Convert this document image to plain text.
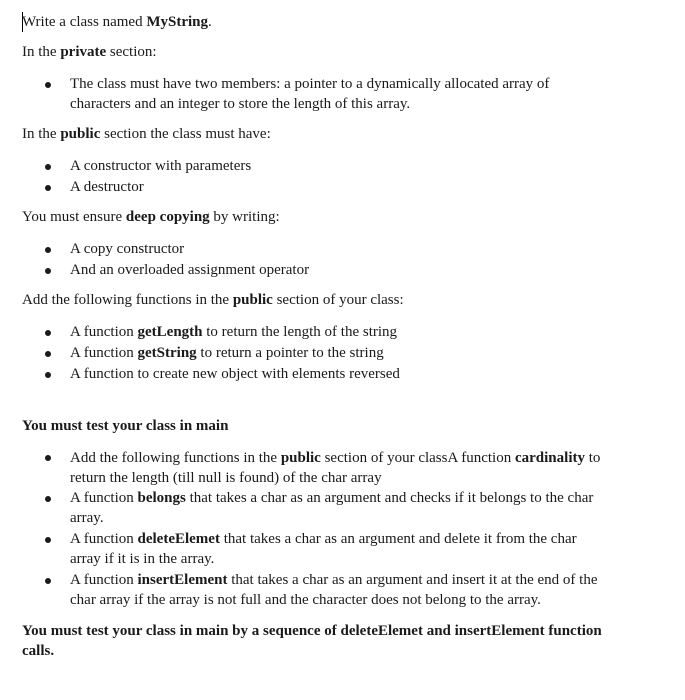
Write a class named MyString.
In the private section:
The class must have two members: a pointer to a dynamically allocated array of
characters and an integer to store the length of this array.
In the public section the class must have:
A constructor with parameters
A destructor
You must ensure deep copying by writing:
A copy constructor
And an overloaded assignment operator
Add the following functions in the public section of your class:
A function getLength to return the length of the string
A function getString to return a pointer to the string
A function to create new object with elements reversed
You must test your class in main
Add the following functions in the public section of your classA function cardinality to
return the length (till null is found) of the char array
A function belongs that takes a char as an argument and checks if it belongs to the char
array.
A function deleteElemet that takes a char as an argument and delete it from the char
array if it is in the array.
A function insertElement that takes a char as an argument and insert it at the end of the
char array if the array is not full and the character does not belong to the array.
You must test your class in main by a sequence of deleteElemet and insertElement function
calls.
